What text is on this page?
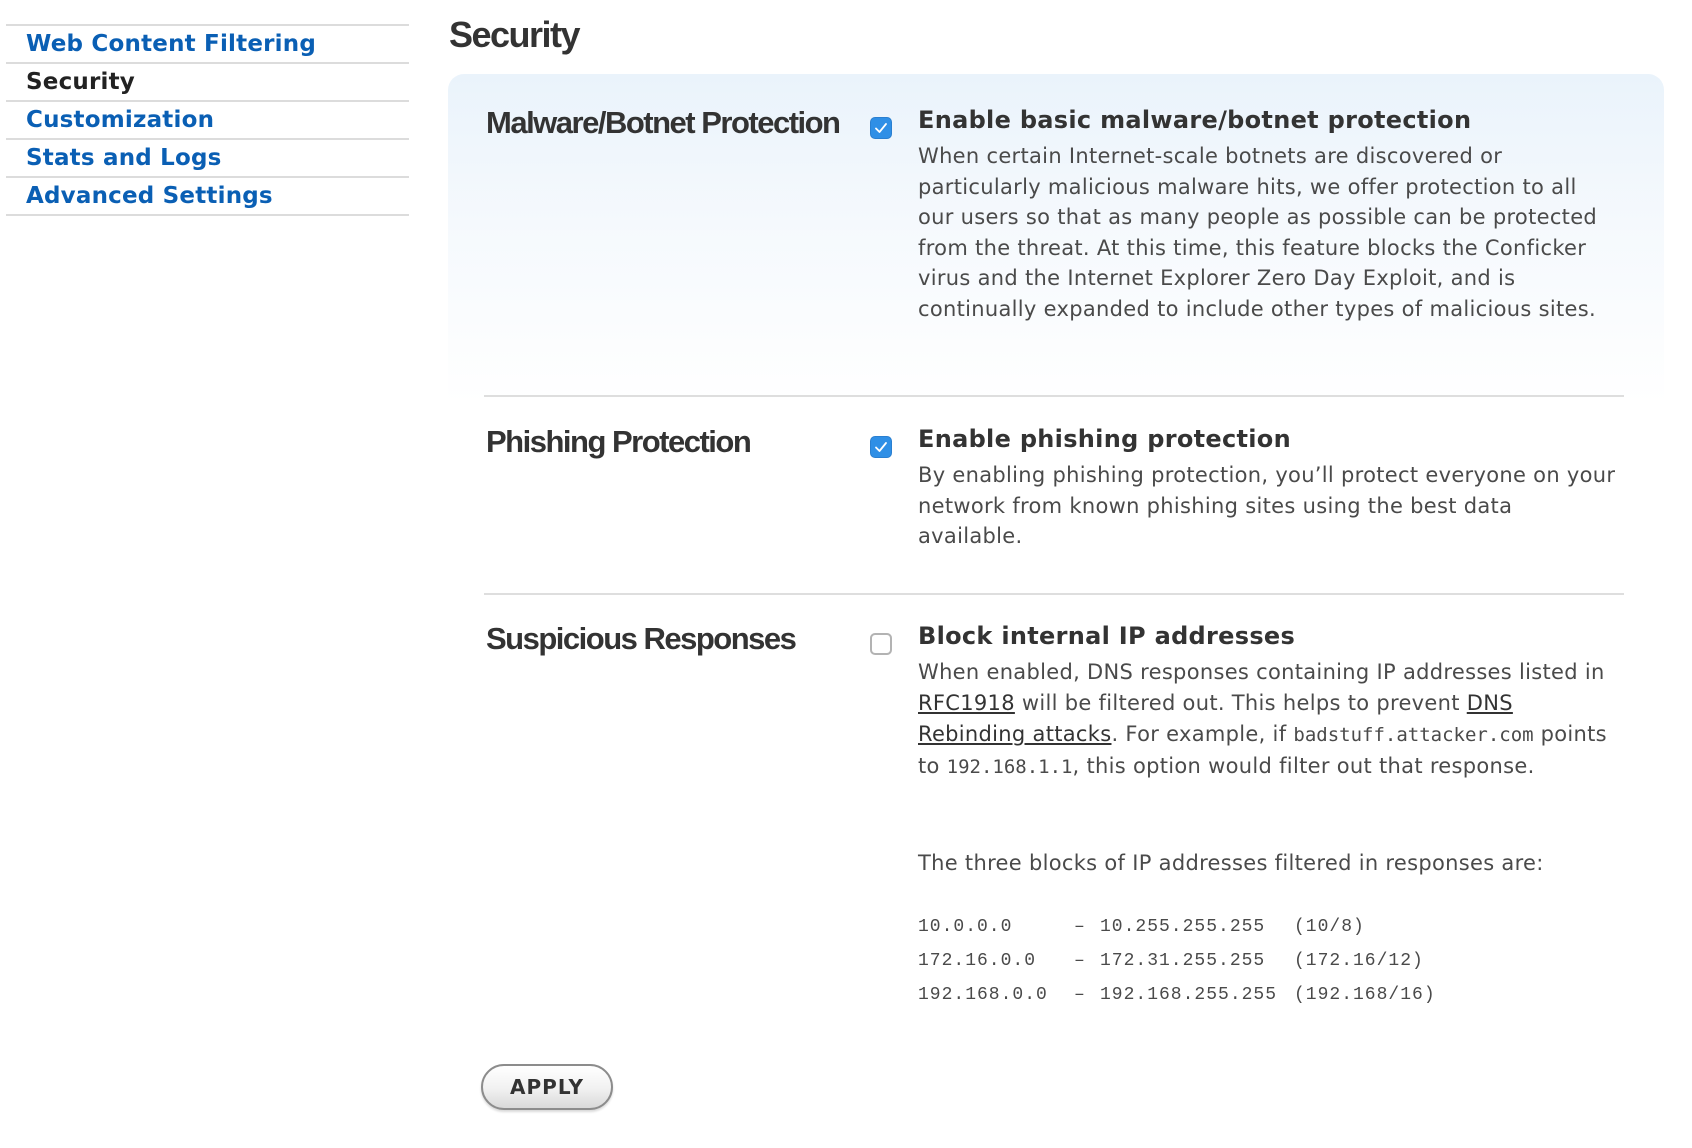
Web Content Filtering
Security
Customization
Stats and Logs
Advanced Settings
Security
Malware/Botnet Protection	Enable basic malware/botnet protection
When certain Internet-scale botnets are discovered or particularly malicious malware hits, we offer protection to all our users so that as many people as possible can be protected from the threat. At this time, this feature blocks the Conficker virus and the Internet Explorer Zero Day Exploit, and is continually expanded to include other types of malicious sites.
Phishing Protection	Enable phishing protection
By enabling phishing protection, you’ll protect everyone on your network from known phishing sites using the best data available.
Suspicious Responses	Block internal IP addresses
When enabled, DNS responses containing IP addresses listed in RFC1918 will be filtered out. This helps to prevent DNS Rebinding attacks. For example, if badstuff.attacker.com points to 192.168.1.1, this option would filter out that response.
The three blocks of IP addresses filtered in responses are:
10.0.0.0	–	10.255.255.255	(10/8)
172.16.0.0	–	172.31.255.255	(172.16/12)
192.168.0.0	–	192.168.255.255	(192.168/16)
APPLY
